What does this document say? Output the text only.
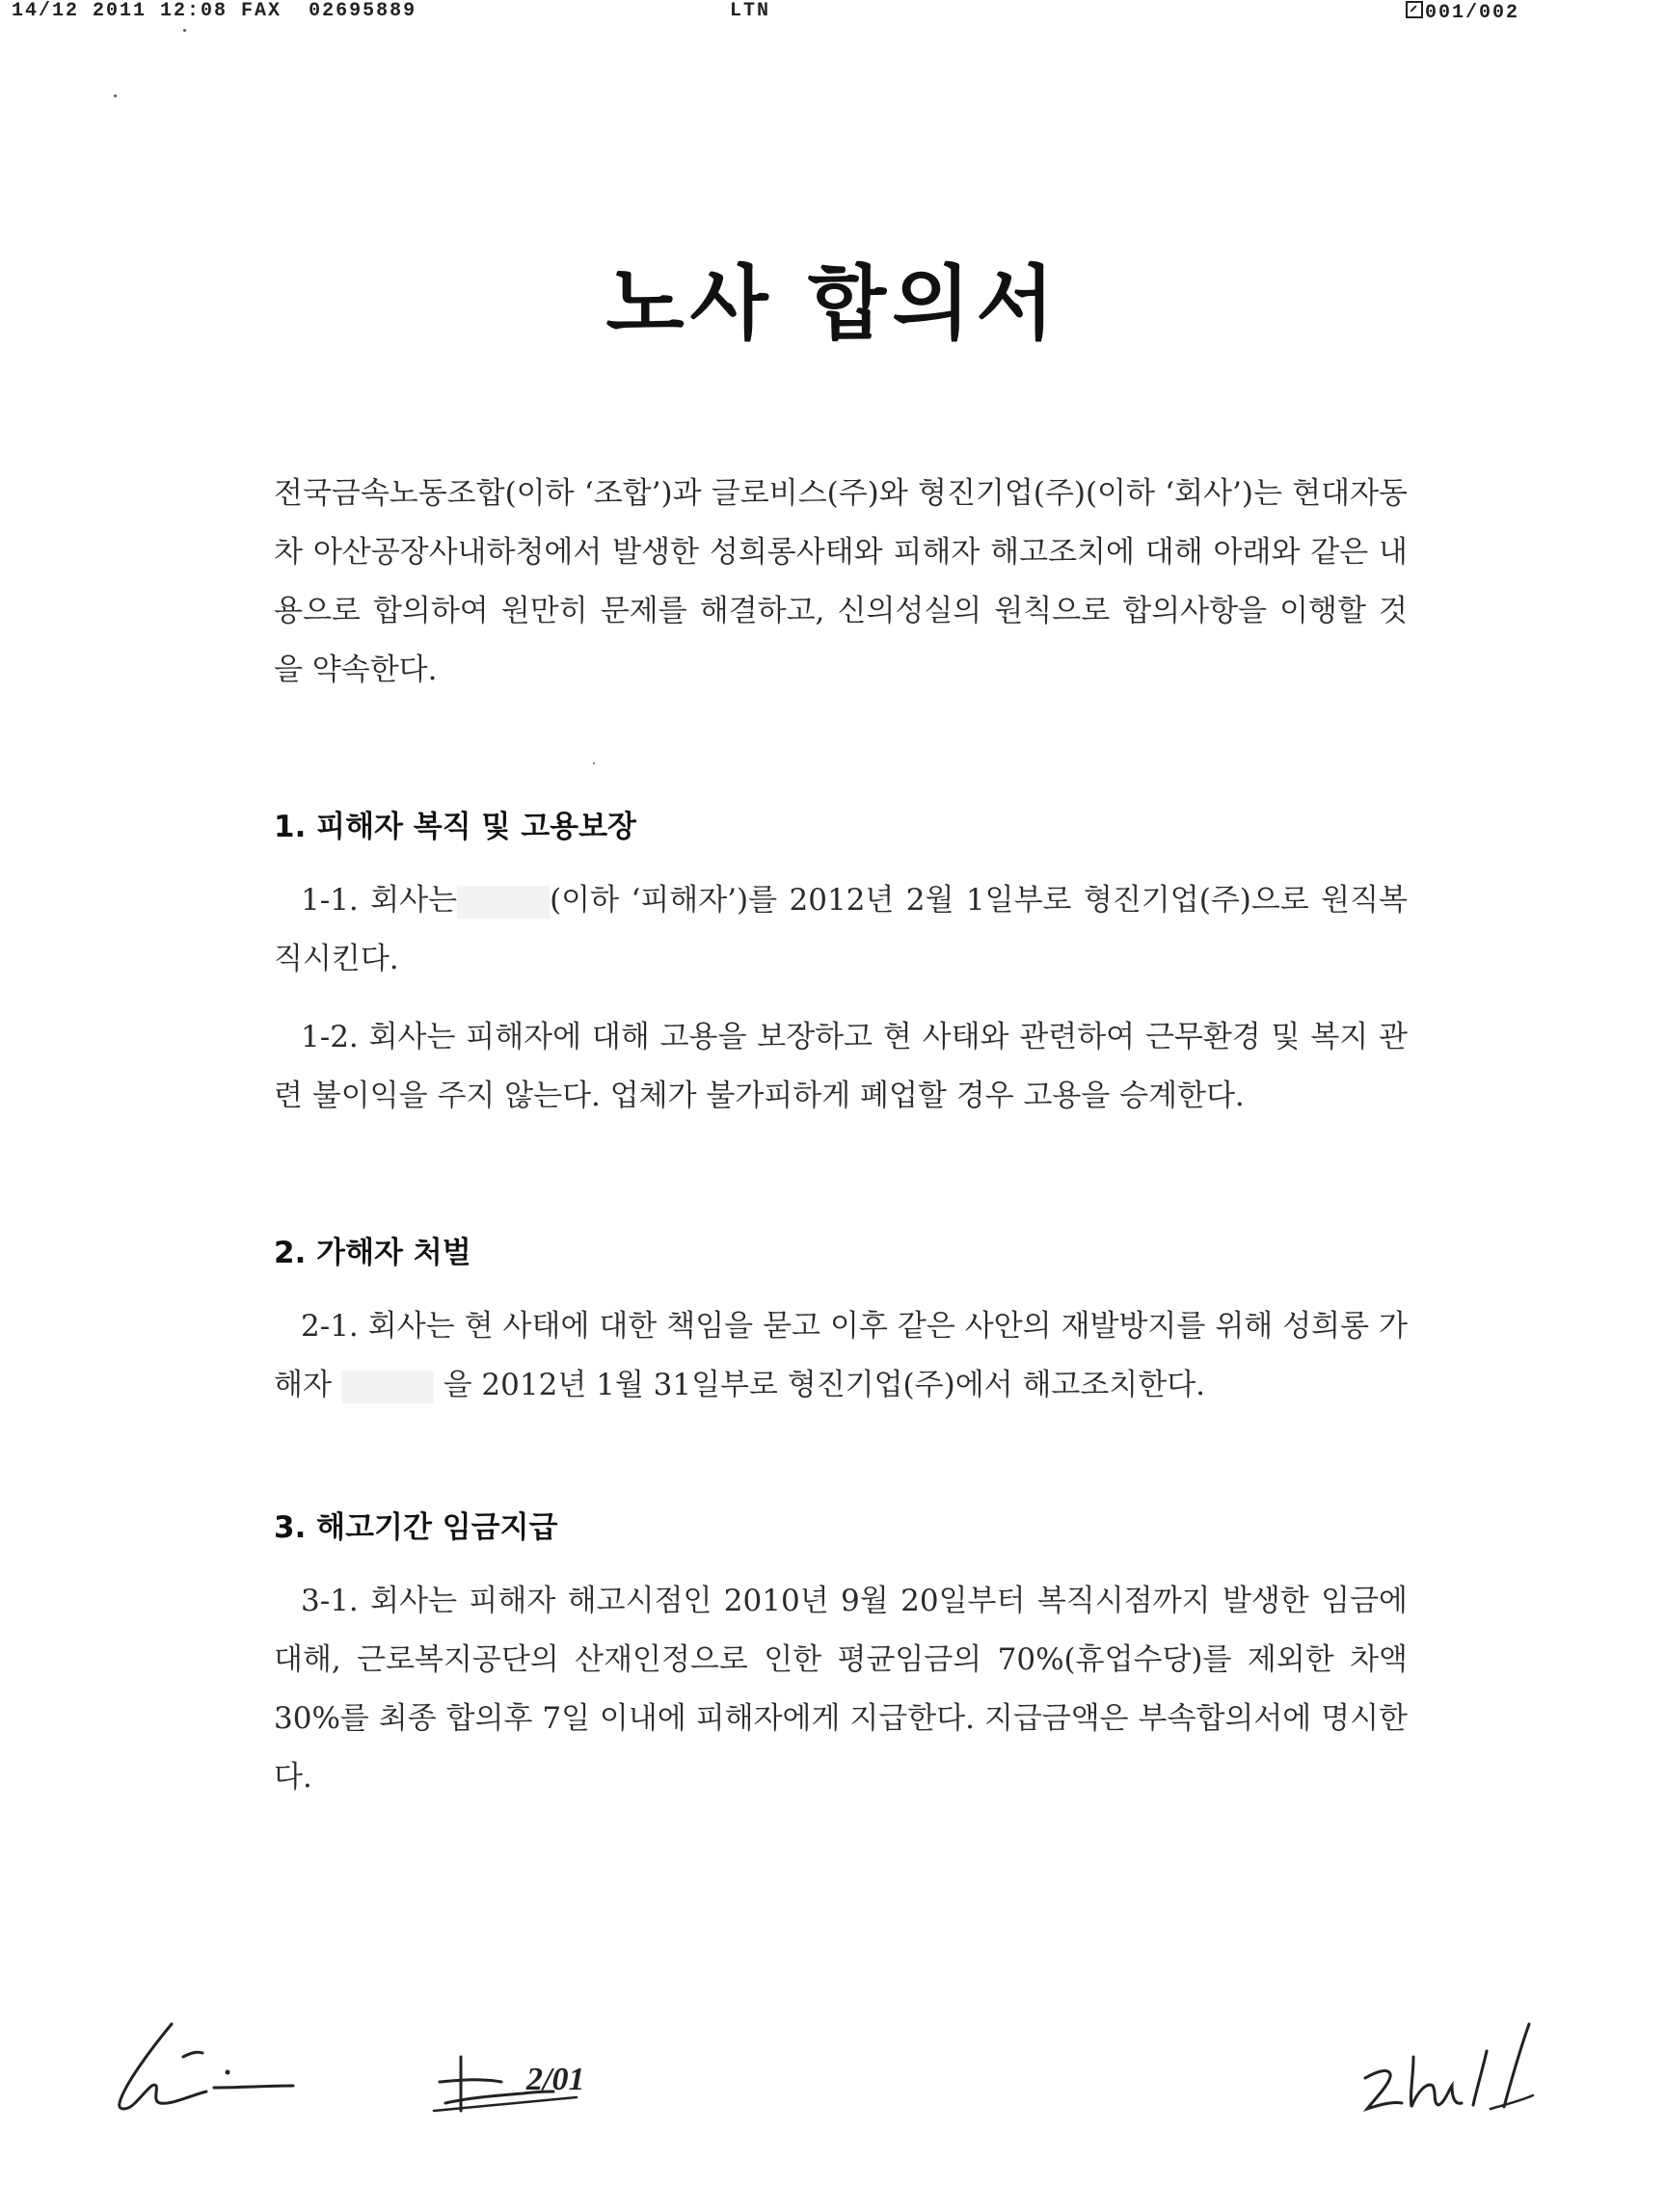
14/12 2011 12:08 FAX 02695889	LTN	001/002
노사 합의서

전국금속노동조합(이하 ‘조합’)과 글로비스(주)와 형진기업(주)(이하 ‘회사’)는 현대자동차 아산공장사내하청에서 발생한 성희롱사태와 피해자 해고조치에 대해 아래와 같은 내용으로 합의하여 원만히 문제를 해결하고, 신의성실의 원칙으로 합의사항을 이행할 것을 약속한다.

1. 피해자 복직 및 고용보장

1-1. 회사는	(이하 ‘피해자’)를 2012년 2월 1일부로 형진기업(주)으로 원직복직시킨다.

1-2. 회사는 피해자에 대해 고용을 보장하고 현 사태와 관련하여 근무환경 및 복지 관련 불이익을 주지 않는다. 업체가 불가피하게 폐업할 경우 고용을 승계한다.

2. 가해자 처벌

2-1. 회사는 현 사태에 대한 책임을 묻고 이후 같은 사안의 재발방지를 위해 성희롱 가해자	을 2012년 1월 31일부로 형진기업(주)에서 해고조치한다.

3. 해고기간 임금지급

3-1. 회사는 피해자 해고시점인 2010년 9월 20일부터 복직시점까지 발생한 임금에 대해, 근로복지공단의 산재인정으로 인한 평균임금의 70%(휴업수당)를 제외한 차액 30%를 최종 합의후 7일 이내에 피해자에게 지급한다. 지급금액은 부속합의서에 명시한다.

2/01
